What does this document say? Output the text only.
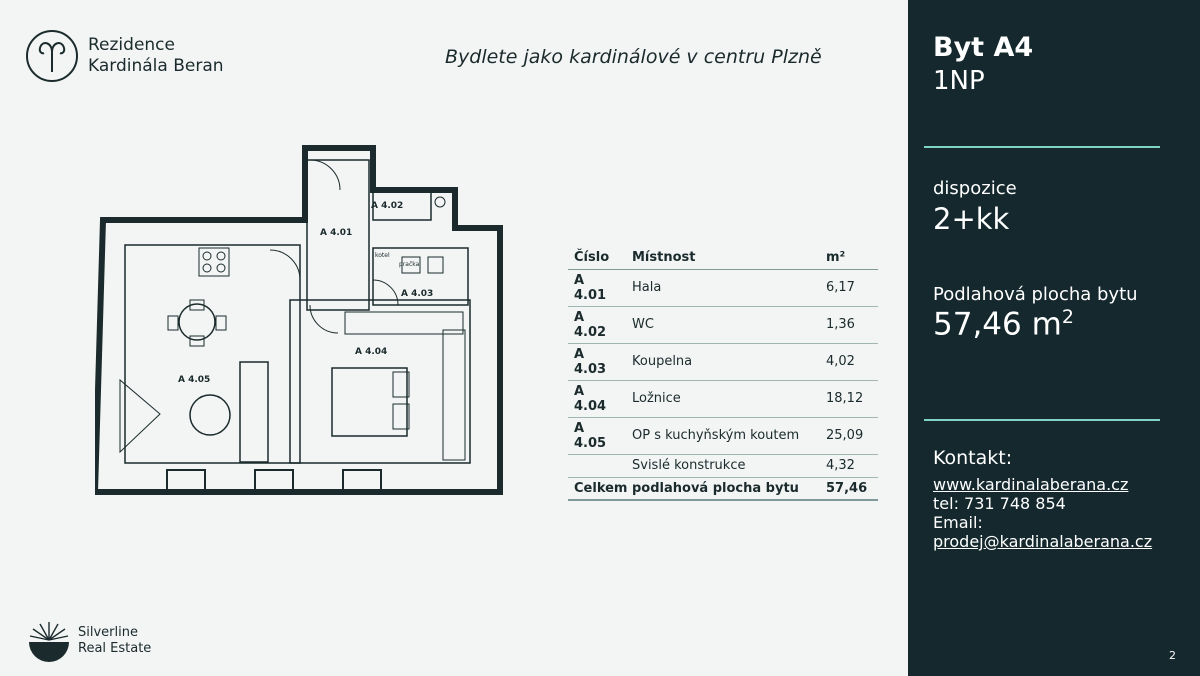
Rezidence
Kardinála Beran	Bydlete jako kardinálové v centru Plzně
A 4.01
A 4.02
A 4.03
A 4.04
A 4.05
kotel
pračka	Číslo	Místnost	m²
A 4.01	Hala	6,17
A 4.02	WC	1,36
A 4.03	Koupelna	4,02
A 4.04	Ložnice	18,12
A 4.05	OP s kuchyňským koutem	25,09
	Svislé konstrukce	4,32
Celkem podlahová plocha bytu		57,46
Silverline
Real Estate
Byt A4
1NP
dispozice
2+kk
Podlahová plocha bytu
57,46 $m^2$
Kontakt:
www.kardinalaberana.cz
tel: 731 748 854
Email:
prodej@kardinalaberana.cz
2
